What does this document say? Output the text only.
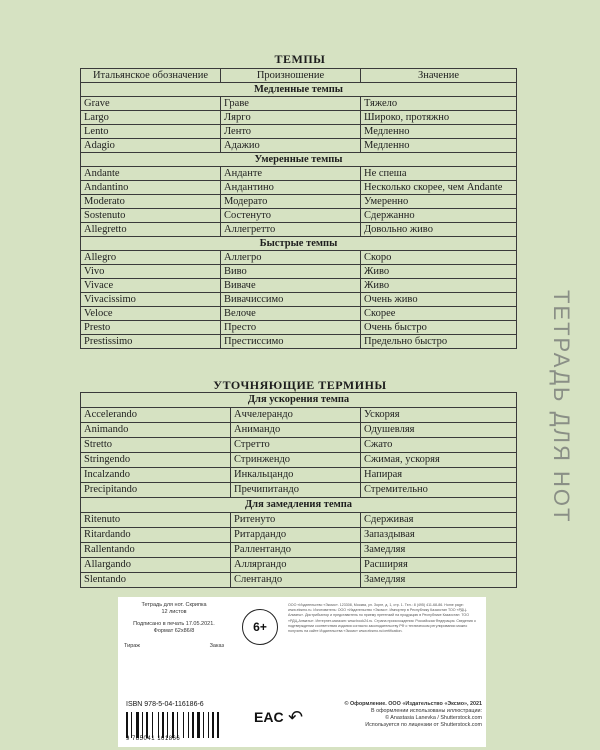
ТЕМПЫ
Итальянское обозначение	Произношение	Значение
Медленные темпы		
Grave	Граве	Тяжело
Largo	Ляргo	Широко, протяжно
Lento	Ленто	Медленно
Adagio	Адажио	Медленно
Умеренные темпы		
Andante	Анданте	Не спеша
Andantino	Андантино	Несколько скорее, чем Andante
Moderato	Модерато	Умеренно
Sostenuto	Состенуто	Сдержанно
Allegretto	Аллегретто	Довольно живо
Быстрые темпы		
Allegro	Аллегро	Скоро
Vivo	Виво	Живо
Vivace	Виваче	Живо
Vivacissimo	Вивачиссимо	Очень живо
Veloce	Велоче	Скорее
Presto	Престо	Очень быстро
Prestissimo	Престиссимо	Предельно быстро
УТОЧНЯЮЩИЕ ТЕРМИНЫ
Для ускорения темпа		
Accelerando	Аччелерандо	Ускоряя
Animando	Анимандо	Одушевляя
Stretto	Стретто	Сжато
Stringendo	Стринжендо	Сжимая, ускоряя
Incalzando	Инкальцандо	Напирая
Precipitando	Пречипитандо	Стремительно
Для замедления темпа		
Ritenuto	Ритенуто	Сдерживая
Ritardando	Ритардандо	Запаздывая
Rallentando	Раллентандо	Замедляя
Allargando	Аллярrандо	Расширяя
Slentando	Слентандо	Замедляя
ТЕТРАДЬ ДЛЯ НОТ
Тетрадь для нот. Скрипка
12 листов
Подписано в печать 17.05.2021.
Формат 62х86/8
Тираж	Заказ
6+
ООО «Издательство «Эксмо». 123308, Москва, ул. Зорге, д. 1, стр. 1. Тел.: 8 (495) 411-68-86. Home page: www.eksmo.ru. Изготовитель: ООО «Издательство «Эксмо». Импортер в Республику Казахстан ТОО «РДЦ-Алматы». Дистрибьютор и представитель по приему претензий на продукцию в Республике Казахстан: ТОО «РДЦ-Алматы». Интернет-магазин: www.book24.ru. Страна происхождения: Российская Федерация. Сведения о подтверждении соответствия издания согласно законодательству РФ о техническом регулировании можно получить на сайте Издательства «Эксмо» www.eksmo.ru/certification.
ISBN 978-5-04-116186-6
9 785041 161866
EAC ↶
© Оформление. ООО «Издательство «Эксмо», 2021
В оформлении использованы иллюстрации:
© Anastasia Lanevka / Shutterstock.com
Используется по лицензии от Shutterstock.com
